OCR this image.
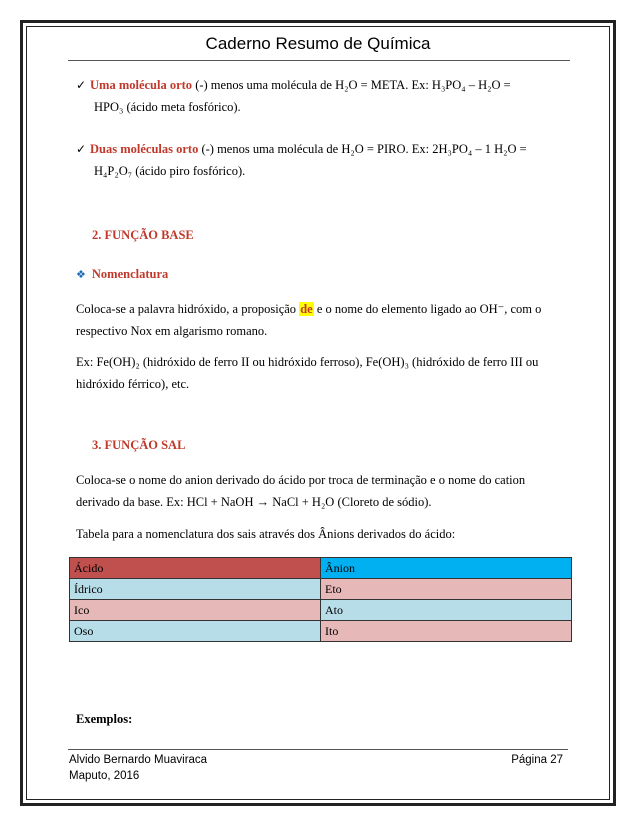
Caderno Resumo de Química
✓ Uma molécula orto (-) menos uma molécula de H₂O = META. Ex: H₃PO₄ – H₂O =
HPO₃ (ácido meta fosfórico).
✓ Duas moléculas orto (-) menos uma molécula de H₂O = PIRO. Ex: 2H₃PO₄ – 1 H₂O =
H₄P₂O₇ (ácido piro fosfórico).
2. FUNÇÃO BASE
❖ Nomenclatura
Coloca-se a palavra hidróxido, a proposição de e o nome do elemento ligado ao OH⁻, com o
respectivo Nox em algarismo romano.
Ex: Fe(OH)₂ (hidróxido de ferro II ou hidróxido ferroso), Fe(OH)₃ (hidróxido de ferro III ou
hidróxido férrico), etc.
3. FUNÇÃO SAL
Coloca-se o nome do anion derivado do ácido por troca de terminação e o nome do cation
derivado da base. Ex: HCl + NaOH → NaCl + H₂O (Cloreto de sódio).
Tabela para a nomenclatura dos sais através dos Ânions derivados do ácido:
Ácido	Ânion
Ídrico	Eto
Ico	Ato
Oso	Ito
Exemplos:
Alvido Bernardo Muaviraca
Maputo, 2016
Página 27
